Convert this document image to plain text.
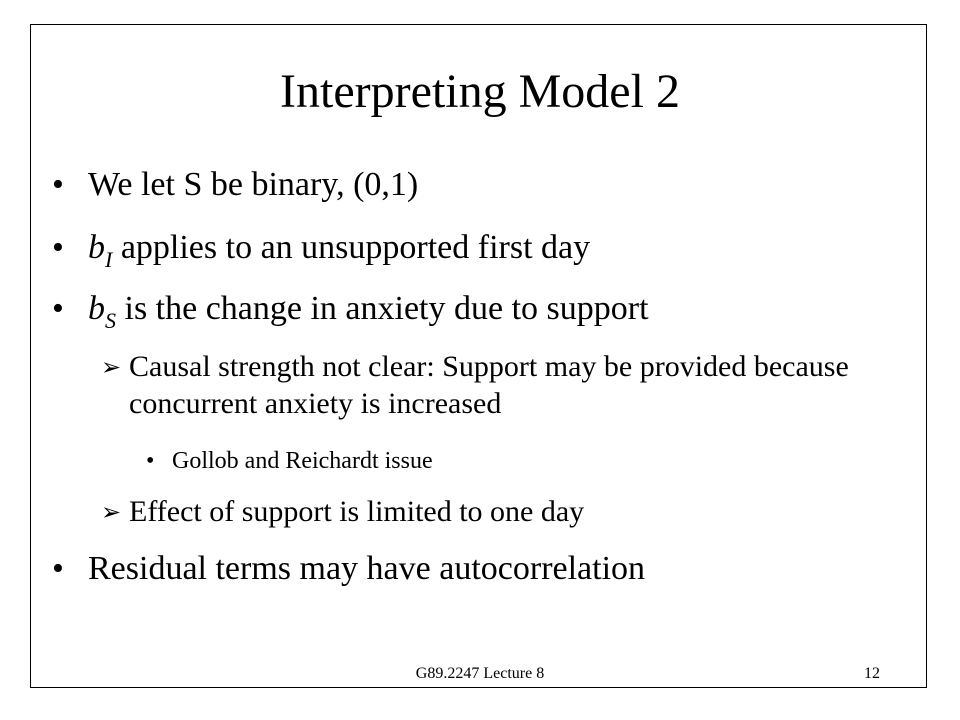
Interpreting Model 2
• We let S be binary, (0,1)
• $b_I$ applies to an unsupported first day
• $b_S$ is the change in anxiety due to support
➢ Causal strength not clear: Support may be provided because concurrent anxiety is increased
• Gollob and Reichardt issue
➢ Effect of support is limited to one day
• Residual terms may have autocorrelation
G89.2247 Lecture 8	12
